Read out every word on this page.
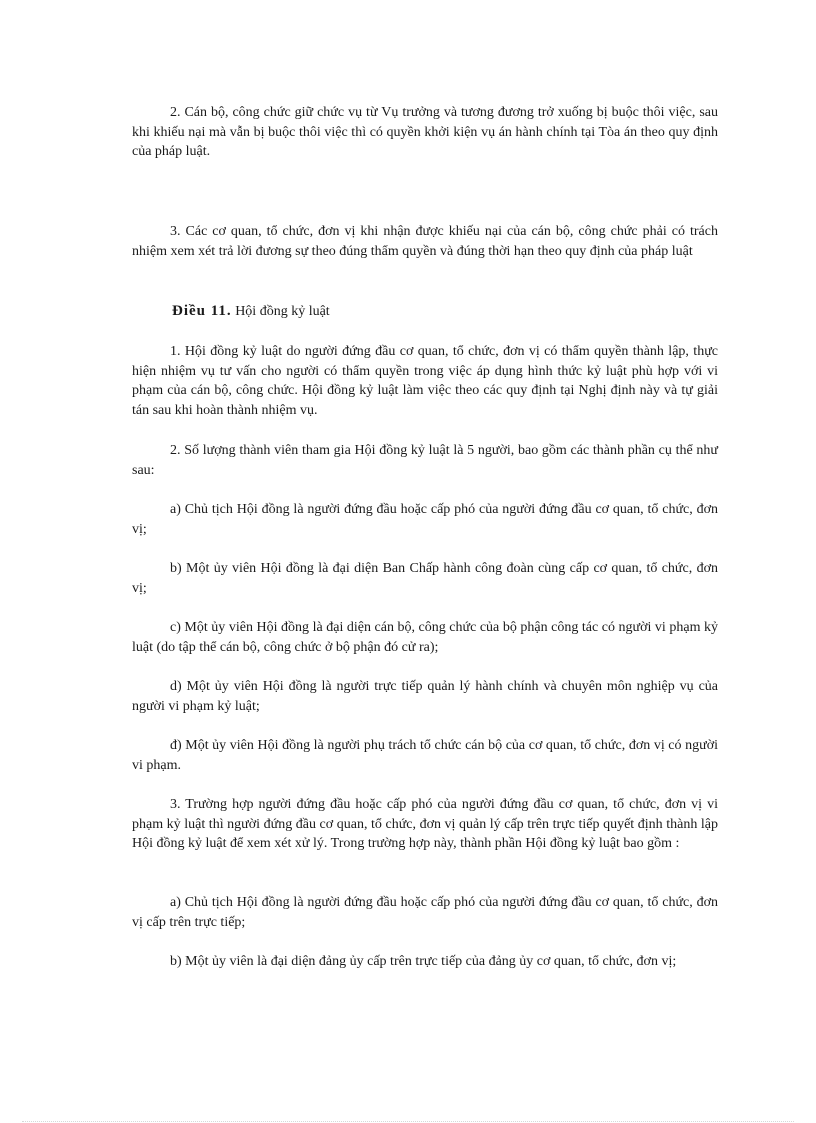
2. Cán bộ, công chức giữ chức vụ từ Vụ trưởng và tương đương trở xuống bị buộc thôi việc, sau khi khiếu nại mà vẫn bị buộc thôi việc thì có quyền khởi kiện vụ án hành chính tại Tòa án theo quy định của pháp luật.

3. Các cơ quan, tổ chức, đơn vị khi nhận được khiếu nại của cán bộ, công chức phải có trách nhiệm xem xét trả lời đương sự theo đúng thẩm quyền và đúng thời hạn theo quy định của pháp luật

Điều 11. Hội đồng kỷ luật

1. Hội đồng kỷ luật do người đứng đầu cơ quan, tổ chức, đơn vị có thẩm quyền thành lập, thực hiện nhiệm vụ tư vấn cho người có thẩm quyền trong việc áp dụng hình thức kỷ luật phù hợp với vi phạm của cán bộ, công chức. Hội đồng kỷ luật làm việc theo các quy định tại Nghị định này và tự giải tán sau khi hoàn thành nhiệm vụ.

2. Số lượng thành viên tham gia Hội đồng kỷ luật là 5 người, bao gồm các thành phần cụ thể như sau:

a) Chủ tịch Hội đồng là người đứng đầu hoặc cấp phó của người đứng đầu cơ quan, tổ chức, đơn vị;

b) Một ủy viên Hội đồng là đại diện Ban Chấp hành công đoàn cùng cấp cơ quan, tổ chức, đơn vị;

c) Một ủy viên Hội đồng là đại diện cán bộ, công chức của bộ phận công tác có người vi phạm kỷ luật (do tập thể cán bộ, công chức ở bộ phận đó cử ra);

d) Một ủy viên Hội đồng là người trực tiếp quản lý hành chính và chuyên môn nghiệp vụ của người vi phạm kỷ luật;

đ) Một ủy viên Hội đồng là người phụ trách tổ chức cán bộ của cơ quan, tổ chức, đơn vị có người vi phạm.

3. Trường hợp người đứng đầu hoặc cấp phó của người đứng đầu cơ quan, tổ chức, đơn vị vi phạm kỷ luật thì người đứng đầu cơ quan, tổ chức, đơn vị quản lý cấp trên trực tiếp quyết định thành lập Hội đồng kỷ luật để xem xét xử lý. Trong trường hợp này, thành phần Hội đồng kỷ luật bao gồm :

a) Chủ tịch Hội đồng là người đứng đầu hoặc cấp phó của người đứng đầu cơ quan, tổ chức, đơn vị cấp trên trực tiếp;

b) Một ủy viên là đại diện đảng ủy cấp trên trực tiếp của đảng ủy cơ quan, tổ chức, đơn vị;
